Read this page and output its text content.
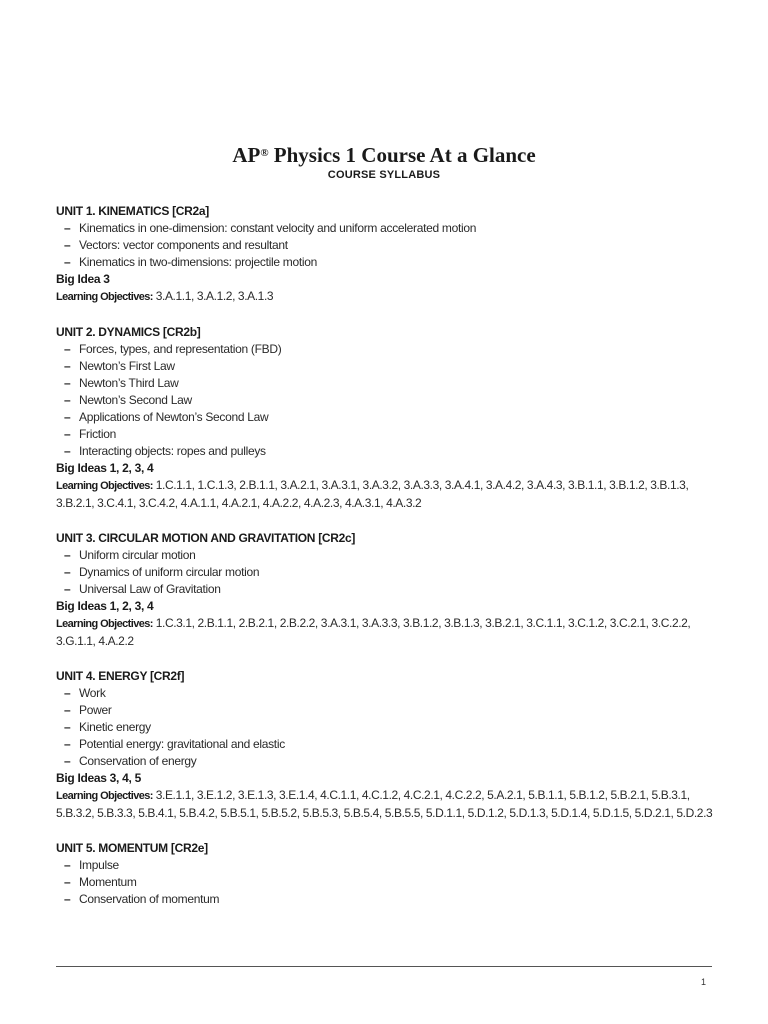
AP® Physics 1 Course At a Glance
COURSE SYLLABUS
UNIT 1. KINEMATICS [CR2a]
– Kinematics in one-dimension: constant velocity and uniform accelerated motion
– Vectors: vector components and resultant
– Kinematics in two-dimensions: projectile motion
Big Idea 3
Learning Objectives: 3.A.1.1, 3.A.1.2, 3.A.1.3
UNIT 2. DYNAMICS [CR2b]
– Forces, types, and representation (FBD)
– Newton’s First Law
– Newton’s Third Law
– Newton’s Second Law
– Applications of Newton’s Second Law
– Friction
– Interacting objects: ropes and pulleys
Big Ideas 1, 2, 3, 4
Learning Objectives: 1.C.1.1, 1.C.1.3, 2.B.1.1, 3.A.2.1, 3.A.3.1, 3.A.3.2, 3.A.3.3, 3.A.4.1, 3.A.4.2, 3.A.4.3, 3.B.1.1, 3.B.1.2, 3.B.1.3, 3.B.2.1, 3.C.4.1, 3.C.4.2, 4.A.1.1, 4.A.2.1, 4.A.2.2, 4.A.2.3, 4.A.3.1, 4.A.3.2
UNIT 3. CIRCULAR MOTION AND GRAVITATION [CR2c]
– Uniform circular motion
– Dynamics of uniform circular motion
– Universal Law of Gravitation
Big Ideas 1, 2, 3, 4
Learning Objectives: 1.C.3.1, 2.B.1.1, 2.B.2.1, 2.B.2.2, 3.A.3.1, 3.A.3.3, 3.B.1.2, 3.B.1.3, 3.B.2.1, 3.C.1.1, 3.C.1.2, 3.C.2.1, 3.C.2.2, 3.G.1.1, 4.A.2.2
UNIT 4. ENERGY [CR2f]
– Work
– Power
– Kinetic energy
– Potential energy: gravitational and elastic
– Conservation of energy
Big Ideas 3, 4, 5
Learning Objectives: 3.E.1.1, 3.E.1.2, 3.E.1.3, 3.E.1.4, 4.C.1.1, 4.C.1.2, 4.C.2.1, 4.C.2.2, 5.A.2.1, 5.B.1.1, 5.B.1.2, 5.B.2.1, 5.B.3.1, 5.B.3.2, 5.B.3.3, 5.B.4.1, 5.B.4.2, 5.B.5.1, 5.B.5.2, 5.B.5.3, 5.B.5.4, 5.B.5.5, 5.D.1.1, 5.D.1.2, 5.D.1.3, 5.D.1.4, 5.D.1.5, 5.D.2.1, 5.D.2.3
UNIT 5. MOMENTUM [CR2e]
– Impulse
– Momentum
– Conservation of momentum
1
